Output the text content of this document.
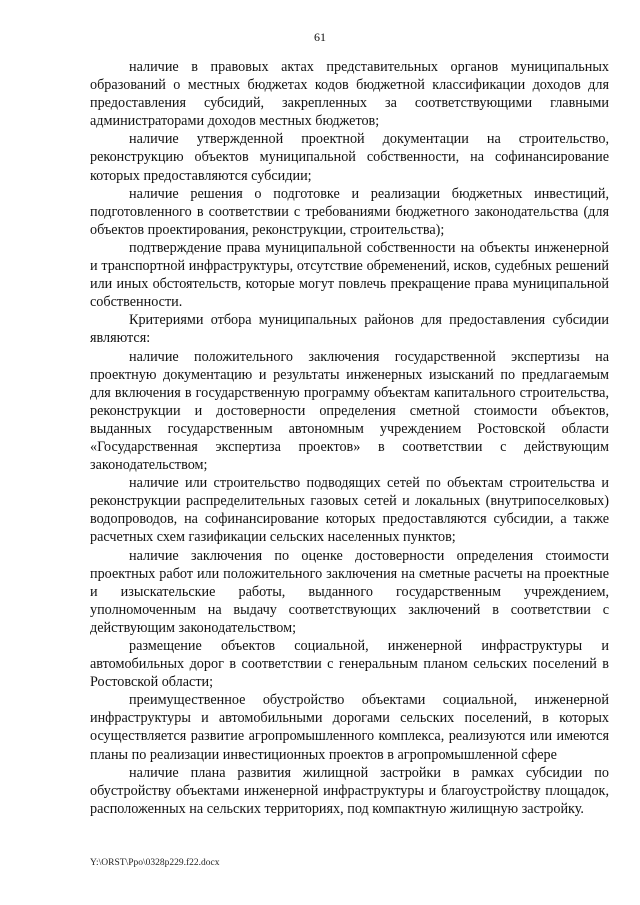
61

наличие в правовых актах представительных органов муниципальных образований о местных бюджетах кодов бюджетной классификации доходов для предоставления субсидий, закрепленных за соответствующими главными администраторами доходов местных бюджетов;

наличие утвержденной проектной документации на строительство, реконструкцию объектов муниципальной собственности, на софинансирование которых предоставляются субсидии;

наличие решения о подготовке и реализации бюджетных инвестиций, подготовленного в соответствии с требованиями бюджетного законодательства (для объектов проектирования, реконструкции, строительства);

подтверждение права муниципальной собственности на объекты инженерной и транспортной инфраструктуры, отсутствие обременений, исков, судебных решений или иных обстоятельств, которые могут повлечь прекращение права муниципальной собственности.

Критериями отбора муниципальных районов для предоставления субсидии являются:

наличие положительного заключения государственной экспертизы на проектную документацию и результаты инженерных изысканий по предлагаемым для включения в государственную программу объектам капитального строительства, реконструкции и достоверности определения сметной стоимости объектов, выданных государственным автономным учреждением Ростовской области «Государственная экспертиза проектов» в соответствии с действующим законодательством;

наличие или строительство подводящих сетей по объектам строительства и реконструкции распределительных газовых сетей и локальных (внутрипоселковых) водопроводов, на софинансирование которых предоставляются субсидии, а также расчетных схем газификации сельских населенных пунктов;

наличие заключения по оценке достоверности определения стоимости проектных работ или положительного заключения на сметные расчеты на проектные и изыскательские работы, выданного государственным учреждением, уполномоченным на выдачу соответствующих заключений в соответствии с действующим законодательством;

размещение объектов социальной, инженерной инфраструктуры и автомобильных дорог в соответствии с генеральным планом сельских поселений в Ростовской области;

преимущественное обустройство объектами социальной, инженерной инфраструктуры и автомобильными дорогами сельских поселений, в которых осуществляется развитие агропромышленного комплекса, реализуются или имеются планы по реализации инвестиционных проектов в агропромышленной сфере

наличие плана развития жилищной застройки в рамках субсидии по обустройству объектами инженерной инфраструктуры и благоустройству площадок, расположенных на сельских территориях, под компактную жилищную застройку.

Y:\ORST\Ppo\0328p229.f22.docx
